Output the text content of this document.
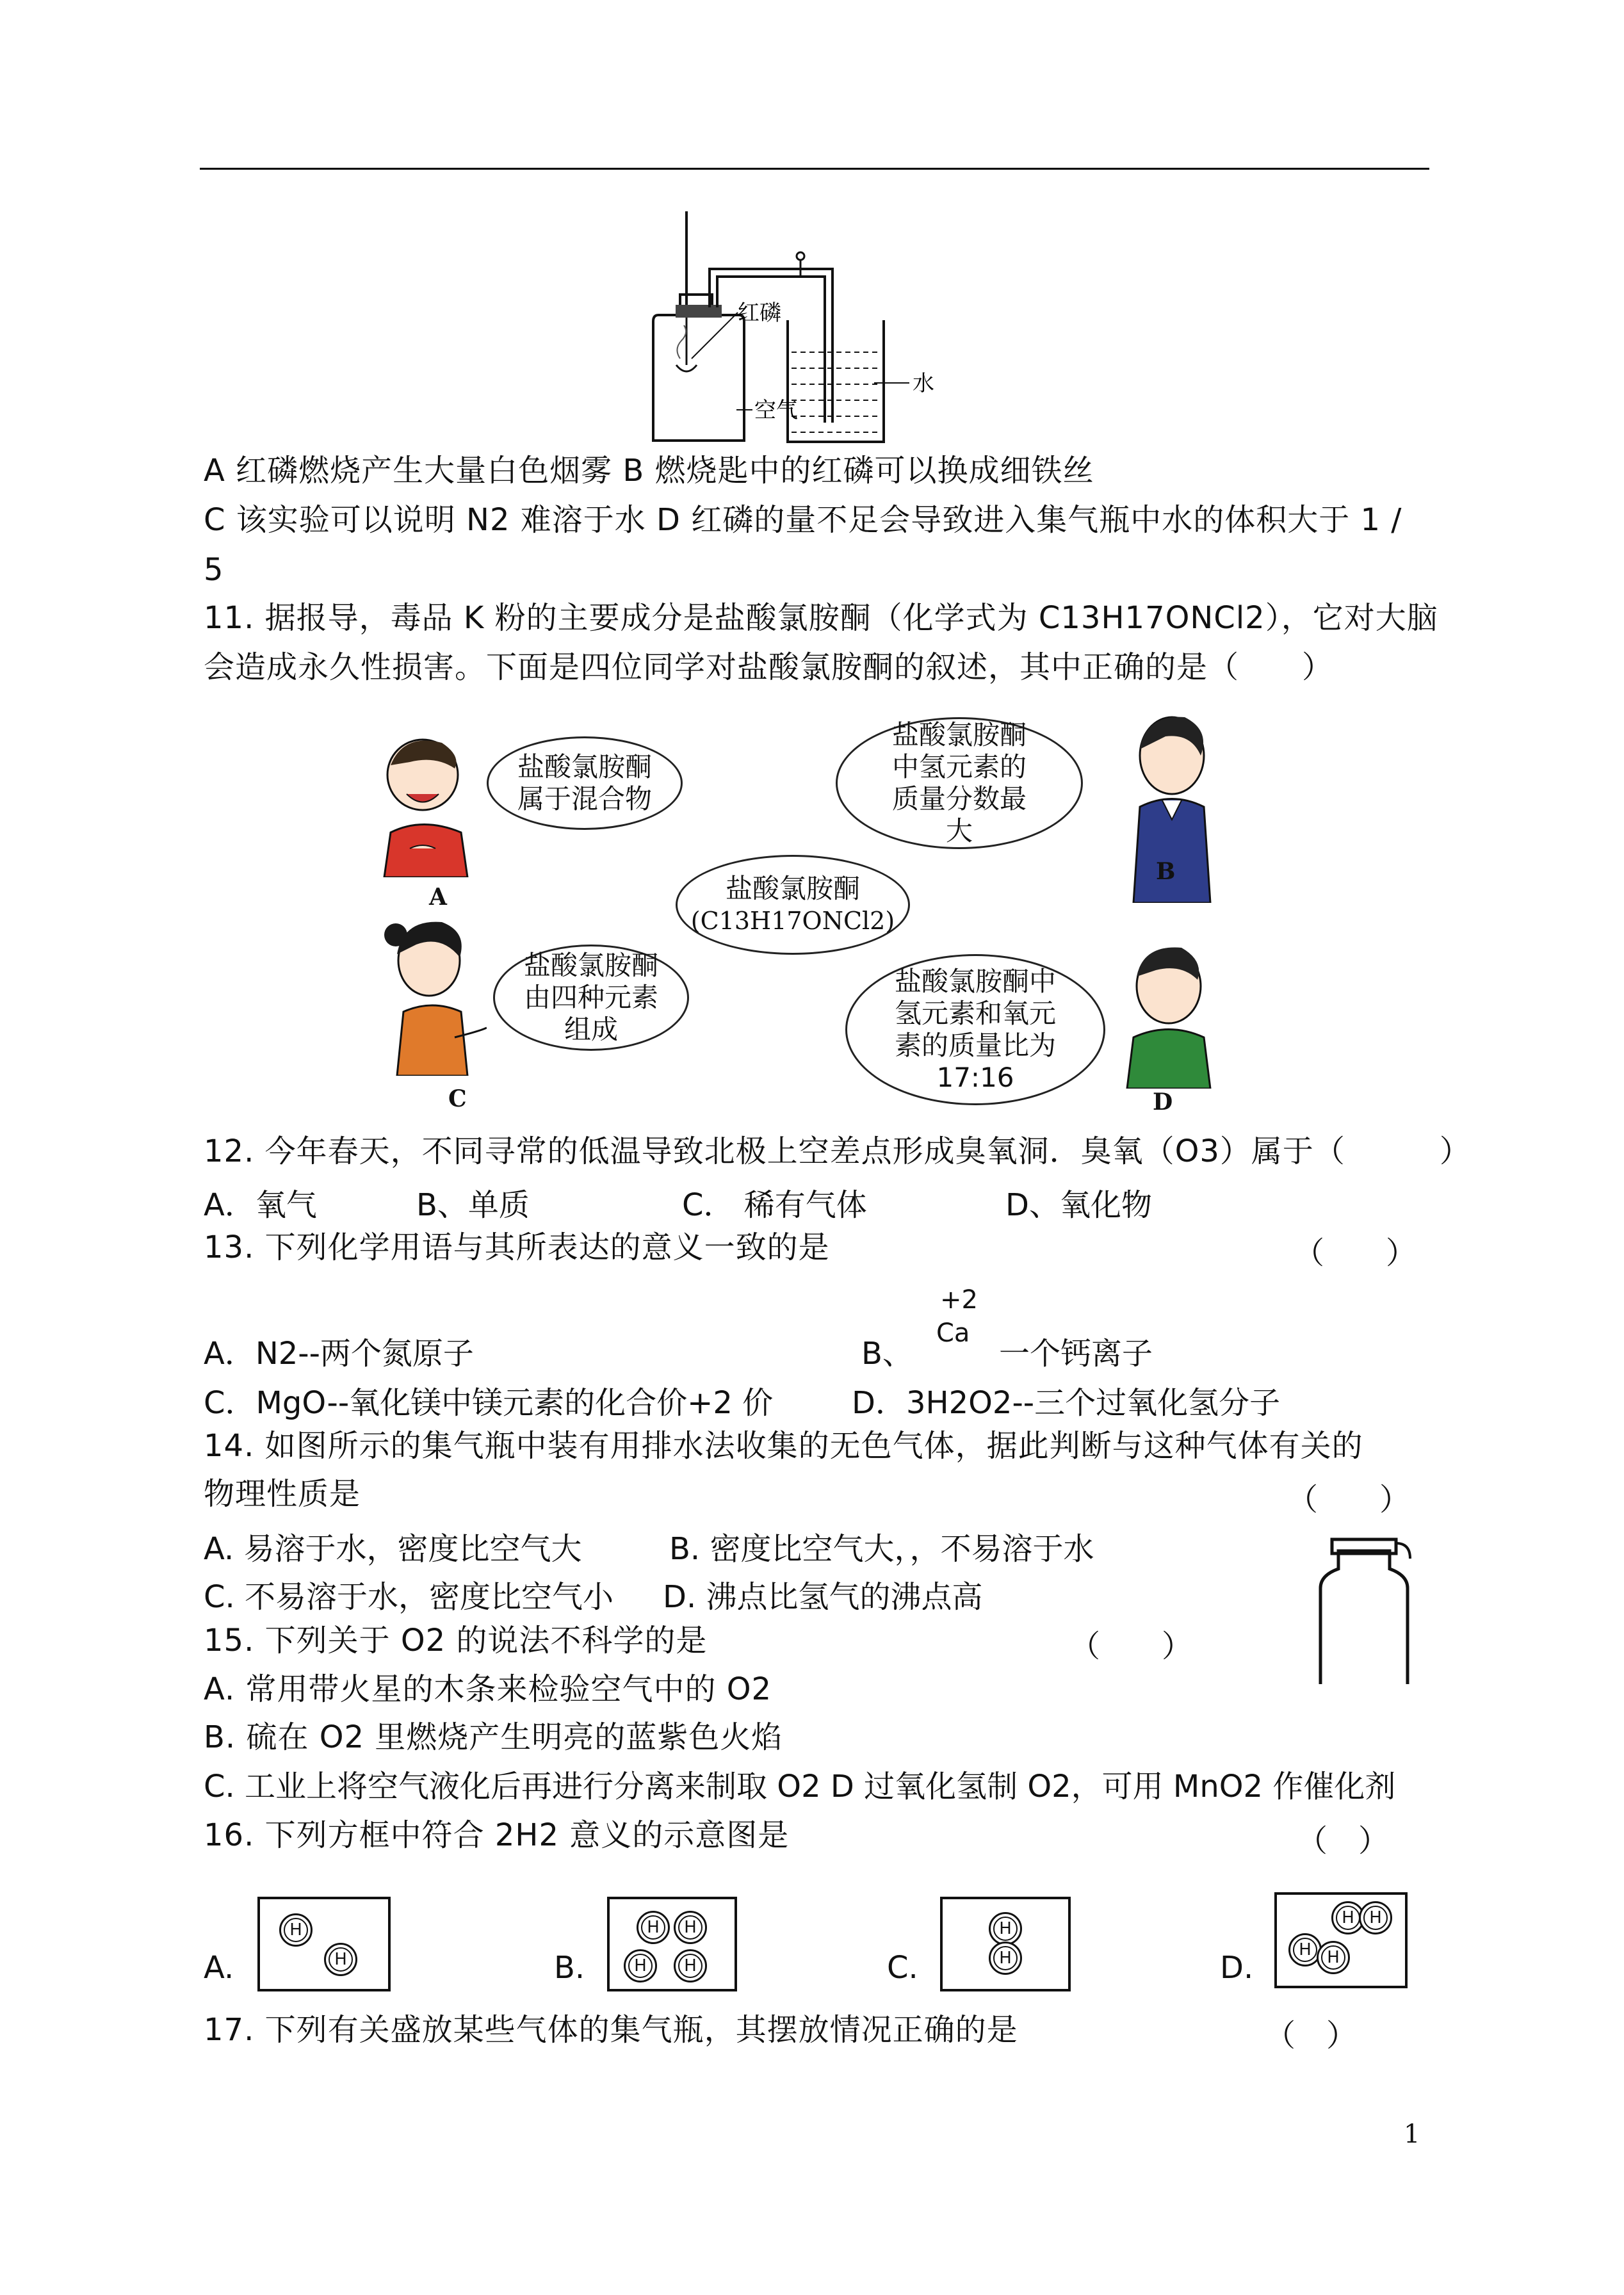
红磷
空气
水
A 红磷燃烧产生大量白色烟雾 B 燃烧匙中的红磷可以换成细铁丝
C 该实验可以说明 N2 难溶于水 D 红磷的量不足会导致进入集气瓶中水的体积大于 1 /
5
11. 据报导，毒品 K 粉的主要成分是盐酸氯胺酮（化学式为 C13H17ONCl2），它对大脑
会造成永久性损害。下面是四位同学对盐酸氯胺酮的叙述，其中正确的是（　　）
盐酸氯胺酮属于混合物
A
盐酸氯胺酮中氢元素的质量分数最大
B
盐酸氯胺酮
(C13H17ONCl2)
盐酸氯胺酮由四种元素组成
C
盐酸氯胺酮中氢元素和氧元素的质量比为17:16
D
12. 今年春天，不同寻常的低温导致北极上空差点形成臭氧洞．臭氧（O3）属于（　　　）
A．氧气	B、单质	C． 稀有气体	D、氧化物
13. 下列化学用语与其所表达的意义一致的是	（　　）
A．N2--两个氮原子	B、
+2
Ca
一个钙离子
C．MgO--氧化镁中镁元素的化合价+2 价	D．3H2O2--三个过氧化氢分子
14. 如图所示的集气瓶中装有用排水法收集的无色气体，据此判断与这种气体有关的
物理性质是	（　　）
A. 易溶于水，密度比空气大	B. 密度比空气大，，不易溶于水
C. 不易溶于水，密度比空气小 D. 沸点比氢气的沸点高
15. 下列关于 O2 的说法不科学的是	（　　）
A. 常用带火星的木条来检验空气中的 O2
B. 硫在 O2 里燃烧产生明亮的蓝紫色火焰
C. 工业上将空气液化后再进行分离来制取 O2 D 过氧化氢制 O2，可用 MnO2 作催化剂
16. 下列方框中符合 2H2 意义的示意图是	（　）
A.
H
H	B.
H	H
H	H	C.
H
H	D.
H H
H H
17. 下列有关盛放某些气体的集气瓶，其摆放情况正确的是	（　）
1
